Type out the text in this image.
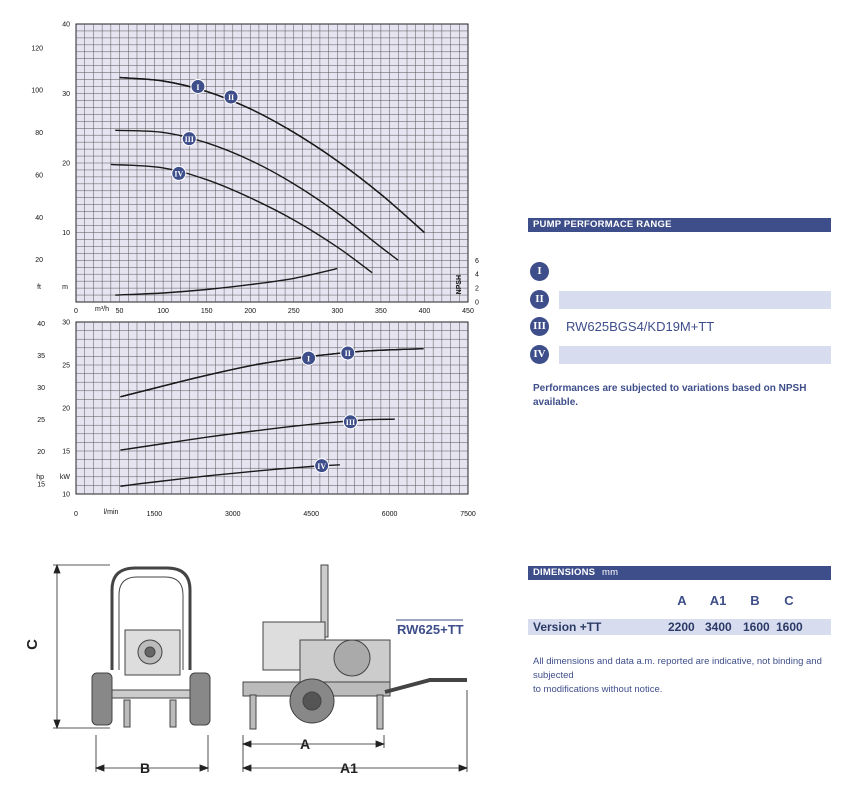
0	50	100	150	200	250	300	350	400	450
m³/h
10
20
30
40
20
40
60
80
100
120
ft	m
0
2
4
6
NPSH
I
II
III
IV
0	1500	3000	4500	6000	7500
l/min
10
15
20
25
30
15
20
25
30
35
40
hp kW
I
II
III
IV
PUMP PERFORMACE RANGE
I
II
III	RW625BGS4/KD19M+TT
IV
Performances are subjected to variations based on NPSH
available.
DIMENSIONS mm
A	A1	B	C
Version +TT	2200 3400 1600 1600
All dimensions and data a.m. reported are indicative, not binding and subjected
to modifications without notice.
C
B
A
A1
RW625+TT
